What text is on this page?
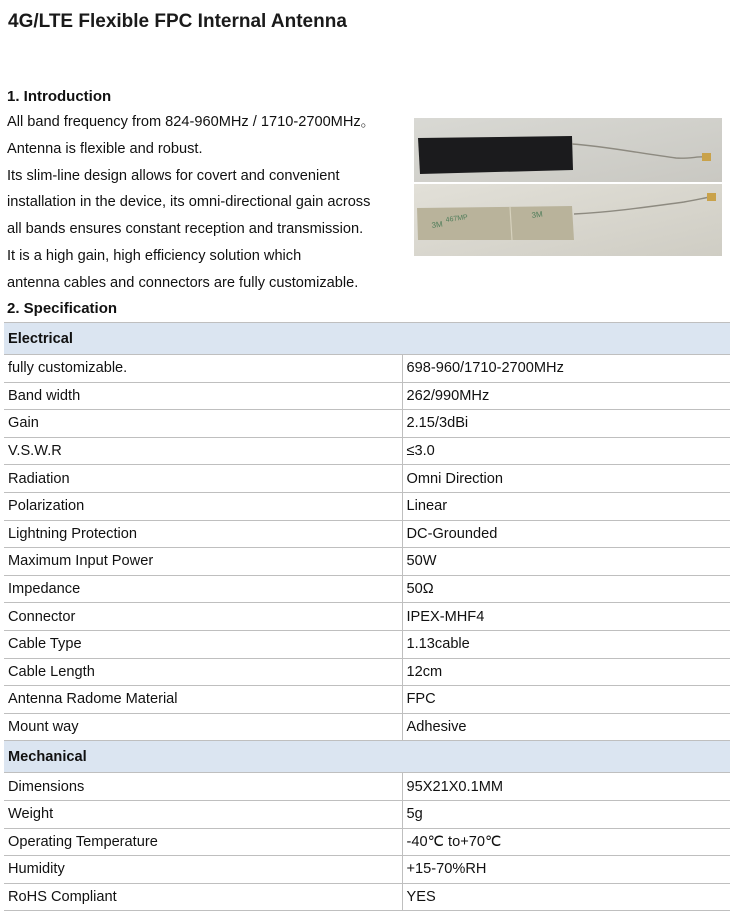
4G/LTE Flexible FPC Internal Antenna
1. Introduction
All band frequency from 824-960MHz / 1710-2700MHz。
Antenna is flexible and robust.
Its slim-line design allows for covert and convenient
installation in the device, its omni-directional gain across
all bands ensures constant reception and transmission.
It is a high gain, high efficiency solution which
antenna cables and connectors are fully customizable.
3M
467MP	3M
2. Specification
Electrical	
fully customizable.	698-960/1710-2700MHz
Band width	262/990MHz
Gain	2.15/3dBi
V.S.W.R	≤3.0
Radiation	Omni Direction
Polarization	Linear
Lightning Protection	DC-Grounded
Maximum Input Power	50W
Impedance	50Ω
Connector	IPEX-MHF4
Cable Type	1.13cable
Cable Length	12cm
Antenna Radome Material	FPC
Mount way	Adhesive
Mechanical	
Dimensions	95X21X0.1MM
Weight	5g
Operating Temperature	-40℃ to+70℃
Humidity	+15-70%RH
RoHS Compliant	YES
